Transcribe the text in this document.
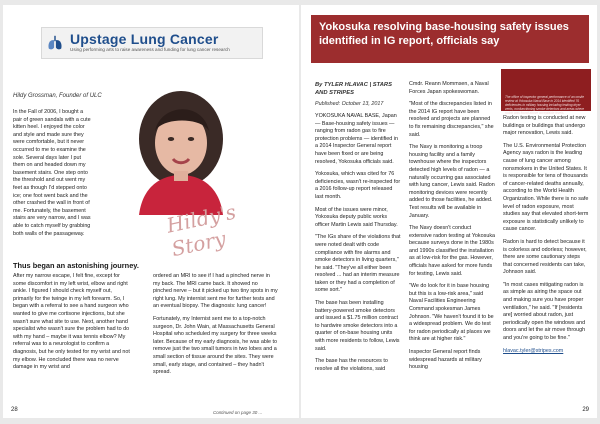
Upstage Lung Cancer
Using performing arts to raise awareness and funding for lung cancer research
Hildy Grossman, Founder of ULC
Hildy's Story

In the Fall of 2006, I bought a pair of green sandals with a cute kitten heel. I enjoyed the color and style and made sure they were comfortable, but it never occurred to me to examine the sole. Several days later I put them on and headed down my basement stairs. One step onto the threshold and out went my feet as though I'd stepped onto ice; one foot went back and the other crashed the wall in front of me. Fortunately, the basement stairs are very narrow, and I was able to catch myself by grabbing both walls of the passageway.

Thus began an astonishing journey.

After my narrow escape, I felt fine, except for some discomfort in my left wrist, elbow and right ankle. I figured I should check myself out, primarily for the twinge in my left forearm. So, I began with a referral to see a hand surgeon who wanted to give me cortisone injections, but she wasn't sure what site to use. Next, another hand specialist who wasn't sure the problem had to do with my hand – maybe it was tennis elbow? My referral was to a neurologist to confirm a diagnosis, but he only tested for my wrist and not my elbow. He concluded there was no nerve damage in my wrist and

ordered an MRI to see if I had a pinched nerve in my back. The MRI came back. It showed no pinched nerve – but it picked up two tiny spots in my right lung. My internist sent me for further tests and an eventual biopsy. The diagnosis: lung cancer!

Fortunately, my Internist sent me to a top-notch surgeon, Dr. John Wain, at Massachusetts General Hospital who scheduled my surgery for three weeks later. Because of my early diagnosis, he was able to remove just the two small tumors in two lobes and a small section of tissue around the sites. They were small, early stage, and contained – they hadn't spread.

Continued on page 30 ...
28
Yokosuka resolving base-housing safety issues identified in IG report, officials say
By TYLER HLAVAC | STARS AND STRIPES
Published: October 13, 2017

YOKOSUKA NAVAL BASE, Japan — Base-housing safety issues — ranging from radon gas to fire protection problems — identified in a 2014 Inspector General report have been fixed or are being resolved, Yokosuka officials said.

Yokosuka, which was cited for 76 deficiencies, wasn't re-inspected for a 2016 follow-up report released last month.

Most of the issues were minor, Yokosuka deputy public works officer Martin Lewis said Thursday.

"The IGs share of the violations that were noted dealt with code compliance with fire alarms and smoke detectors in living quarters," he said. "They've all either been resolved ... had an interim measure taken or they had a completion of some sort."

The base has been installing battery-powered smoke detectors and issued a $1.75 million contract to hardwire smoke detectors into a quarter of on-base housing units with more residents to follow, Lewis said.

The base has the resources to resolve all the violations, said

Cmdr. Reann Mommsen, a Naval Forces Japan spokeswoman.

"Most of the discrepancies listed in the 2014 IG report have been resolved and projects are planned to fix remaining discrepancies," she said.

The Navy is monitoring a troop housing facility and a family townhouse where the inspectors detected high levels of radon — a naturally occurring gas associated with lung cancer, Lewis said. Radon monitoring devices were recently added to those facilities, he added. Test results will be available in January.

The Navy doesn't conduct extensive radon testing at Yokosuka because surveys done in the 1980s and 1990s classified the installation as at low-risk for the gas. However, officials have asked for more funds for testing, Lewis said.

"We do look for it in base housing but this is a low-risk area," said Naval Facilities Engineering Command spokesman James Johnson. "We haven't found it to be a widespread problem. We do test for radon periodically at places we think are at higher risk."

Inspector General report finds widespread hazards at military housing

The office of inspector general performance of an onsite review at Yokosuka Naval Base in 2014 identified 76 deficiencies in military housing including leaking dryer vents, nonfunctioning smoke detectors and areas where radon was found above acceptable levels.

Radon testing is conducted at new buildings or buildings that undergo major renovation, Lewis said.

The U.S. Environmental Protection Agency says radon is the leading cause of lung cancer among nonsmokers in the United States. It is responsible for tens of thousands of cancer-related deaths annually, according to the World Health Organization. While there is no safe level of radon exposure, most studies say that elevated short-term exposure is statistically unlikely to cause cancer.

Radon is hard to detect because it is colorless and odorless; however, there are some cautionary steps that concerned residents can take, Johnson said.

"In most cases mitigating radon is as simple as airing the space out and making sure you have proper ventilation," he said. "If [residents are] worried about radon, just periodically open the windows and doors and let the air move through and you're going to be fine."

hlavac.tyler@stripes.com

29
